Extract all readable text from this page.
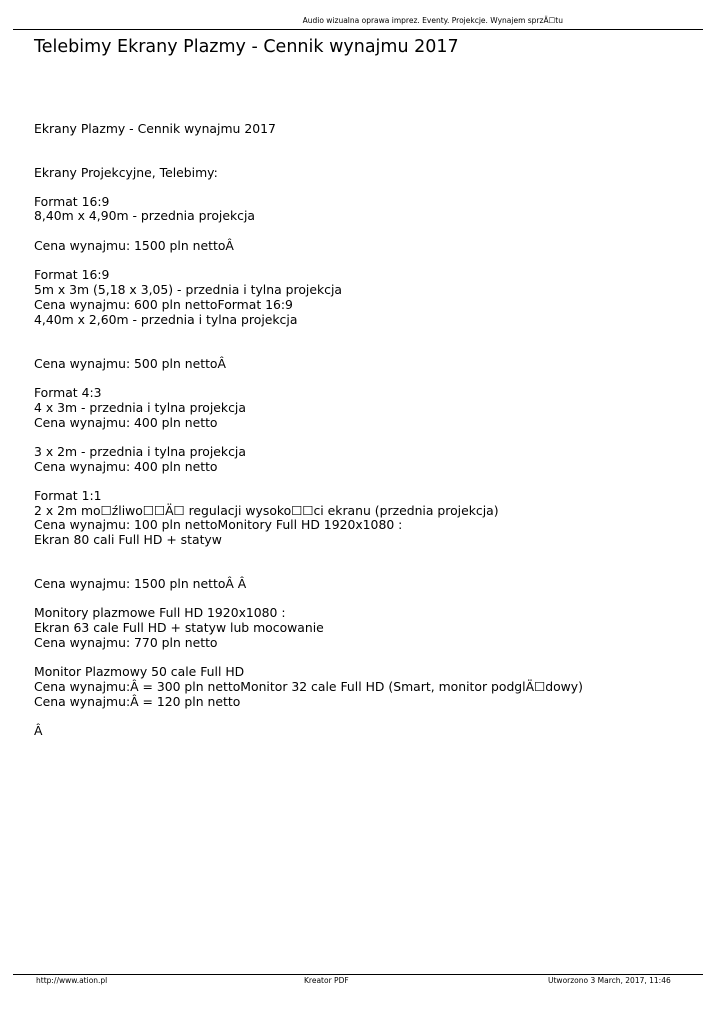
Audio wizualna oprawa imprez. Eventy. Projekcje. Wynajem sprzÄ☐tu
Telebimy Ekrany Plazmy - Cennik wynajmu 2017
Ekrany Plazmy - Cennik wynajmu 2017
Ekrany Projekcyjne, Telebimy:
Format 16:9
8,40m x 4,90m - przednia projekcja
Cena wynajmu: 1500 pln nettoÂ
Format 16:9
5m x 3m (5,18 x 3,05) - przednia i tylna projekcja
Cena wynajmu: 600 pln nettoFormat 16:9
4,40m x 2,60m - przednia i tylna projekcja
Cena wynajmu: 500 pln nettoÂ
Format 4:3
4 x 3m - przednia i tylna projekcja
Cena wynajmu: 400 pln netto
3 x 2m - przednia i tylna projekcja
Cena wynajmu: 400 pln netto
Format 1:1
2 x 2m mo☐źliwo☐☐Ä☐ regulacji wysoko☐☐ci ekranu (przednia projekcja)
Cena wynajmu: 100 pln nettoMonitory Full HD 1920x1080 :
Ekran 80 cali Full HD + statyw
Cena wynajmu: 1500 pln nettoÂ Â
Monitory plazmowe Full HD 1920x1080 :
Ekran 63 cale Full HD + statyw lub mocowanie
Cena wynajmu: 770 pln netto
Monitor Plazmowy 50 cale Full HD
Cena wynajmu:Â = 300 pln nettoMonitor 32 cale Full HD (Smart, monitor podglÄ☐dowy)
Cena wynajmu:Â = 120 pln netto
Â
http://www.ation.pl	Kreator PDF	Utworzono 3 March, 2017, 11:46
